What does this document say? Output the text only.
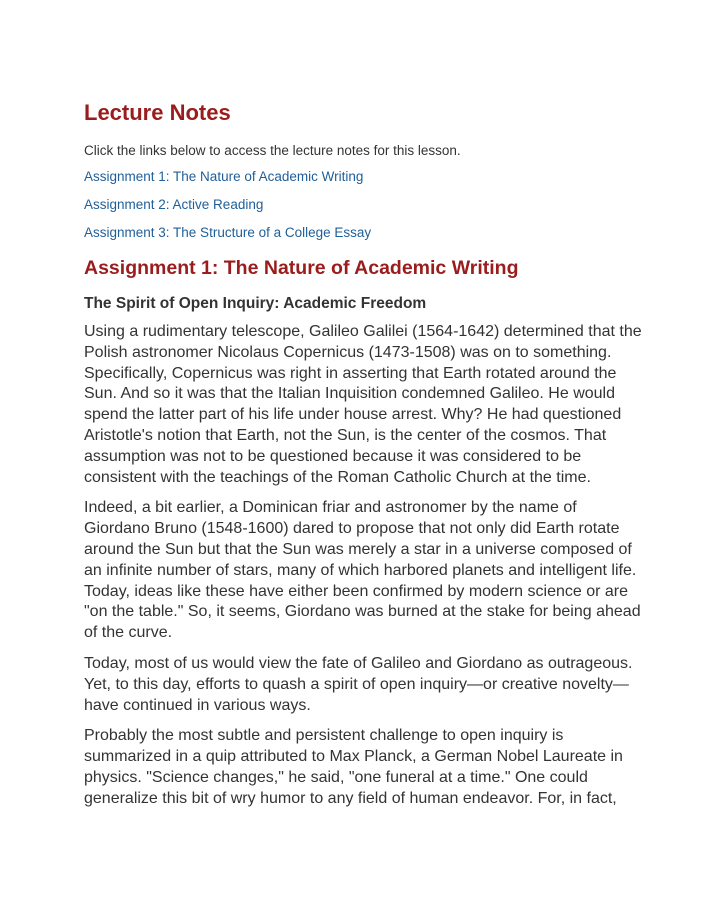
Lecture Notes

Click the links below to access the lecture notes for this lesson.

Assignment 1: The Nature of Academic Writing
Assignment 2: Active Reading
Assignment 3: The Structure of a College Essay
Assignment 1: The Nature of Academic Writing
The Spirit of Open Inquiry: Academic Freedom

Using a rudimentary telescope, Galileo Galilei (1564-1642) determined that the Polish astronomer Nicolaus Copernicus (1473-1508) was on to something. Specifically, Copernicus was right in asserting that Earth rotated around the Sun. And so it was that the Italian Inquisition condemned Galileo. He would spend the latter part of his life under house arrest. Why? He had questioned Aristotle's notion that Earth, not the Sun, is the center of the cosmos. That assumption was not to be questioned because it was considered to be consistent with the teachings of the Roman Catholic Church at the time.

Indeed, a bit earlier, a Dominican friar and astronomer by the name of Giordano Bruno (1548-1600) dared to propose that not only did Earth rotate around the Sun but that the Sun was merely a star in a universe composed of an infinite number of stars, many of which harbored planets and intelligent life. Today, ideas like these have either been confirmed by modern science or are "on the table." So, it seems, Giordano was burned at the stake for being ahead of the curve.

Today, most of us would view the fate of Galileo and Giordano as outrageous. Yet, to this day, efforts to quash a spirit of open inquiry—or creative novelty—have continued in various ways.

Probably the most subtle and persistent challenge to open inquiry is summarized in a quip attributed to Max Planck, a German Nobel Laureate in physics. "Science changes," he said, "one funeral at a time." One could generalize this bit of wry humor to any field of human endeavor. For, in fact,
